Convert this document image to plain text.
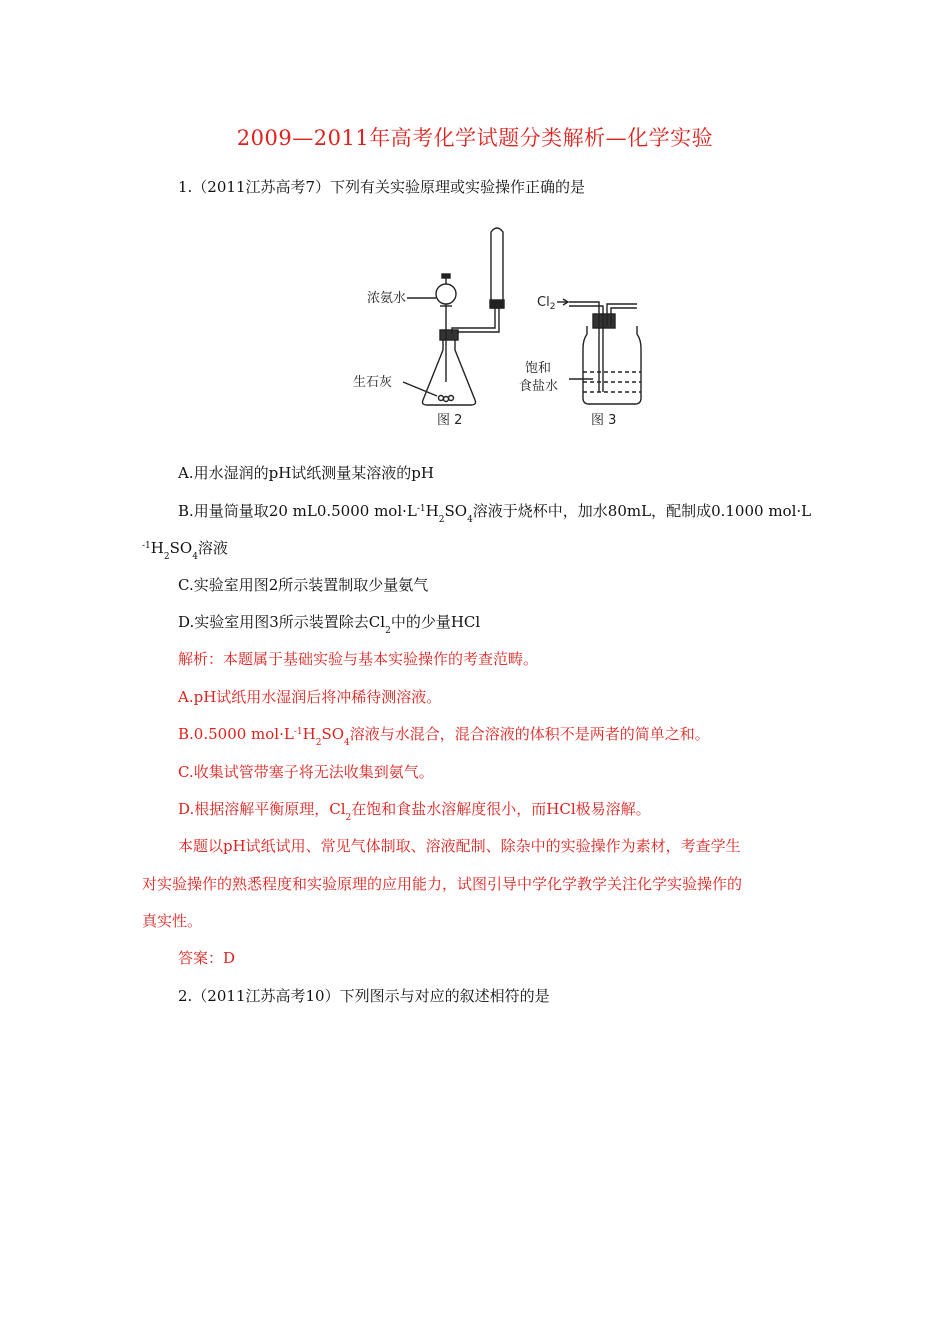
2009—2011年高考化学试题分类解析—化学实验
1.（2011江苏高考7）下列有关实验原理或实验操作正确的是
浓氨水
生石灰
图 2
$Cl_2$
饱和
食盐水
图 3
A.用水湿润的pH试纸测量某溶液的pH
B.用量筒量取20 mL0.5000 $mol\cdot L^{-1}H_2SO_4$溶液于烧杯中，加水80mL，配制成0.1000 mol·L
$^{-1}H_2SO_4$溶液
C.实验室用图2所示装置制取少量氨气
D.实验室用图3所示装置除去$Cl_2$中的少量HCl
解析：本题属于基础实验与基本实验操作的考查范畴。
A.pH试纸用水湿润后将冲稀待测溶液。
B.0.5000 $mol\cdot L^{-1}H_2SO_4$溶液与水混合，混合溶液的体积不是两者的简单之和。
C.收集试管带塞子将无法收集到氨气。
D.根据溶解平衡原理，$Cl_2$在饱和食盐水溶解度很小，而HCl极易溶解。
本题以pH试纸试用、常见气体制取、溶液配制、除杂中的实验操作为素材，考查学生
对实验操作的熟悉程度和实验原理的应用能力，试图引导中学化学教学关注化学实验操作的
真实性。
答案：D
2.（2011江苏高考10）下列图示与对应的叙述相符的是
